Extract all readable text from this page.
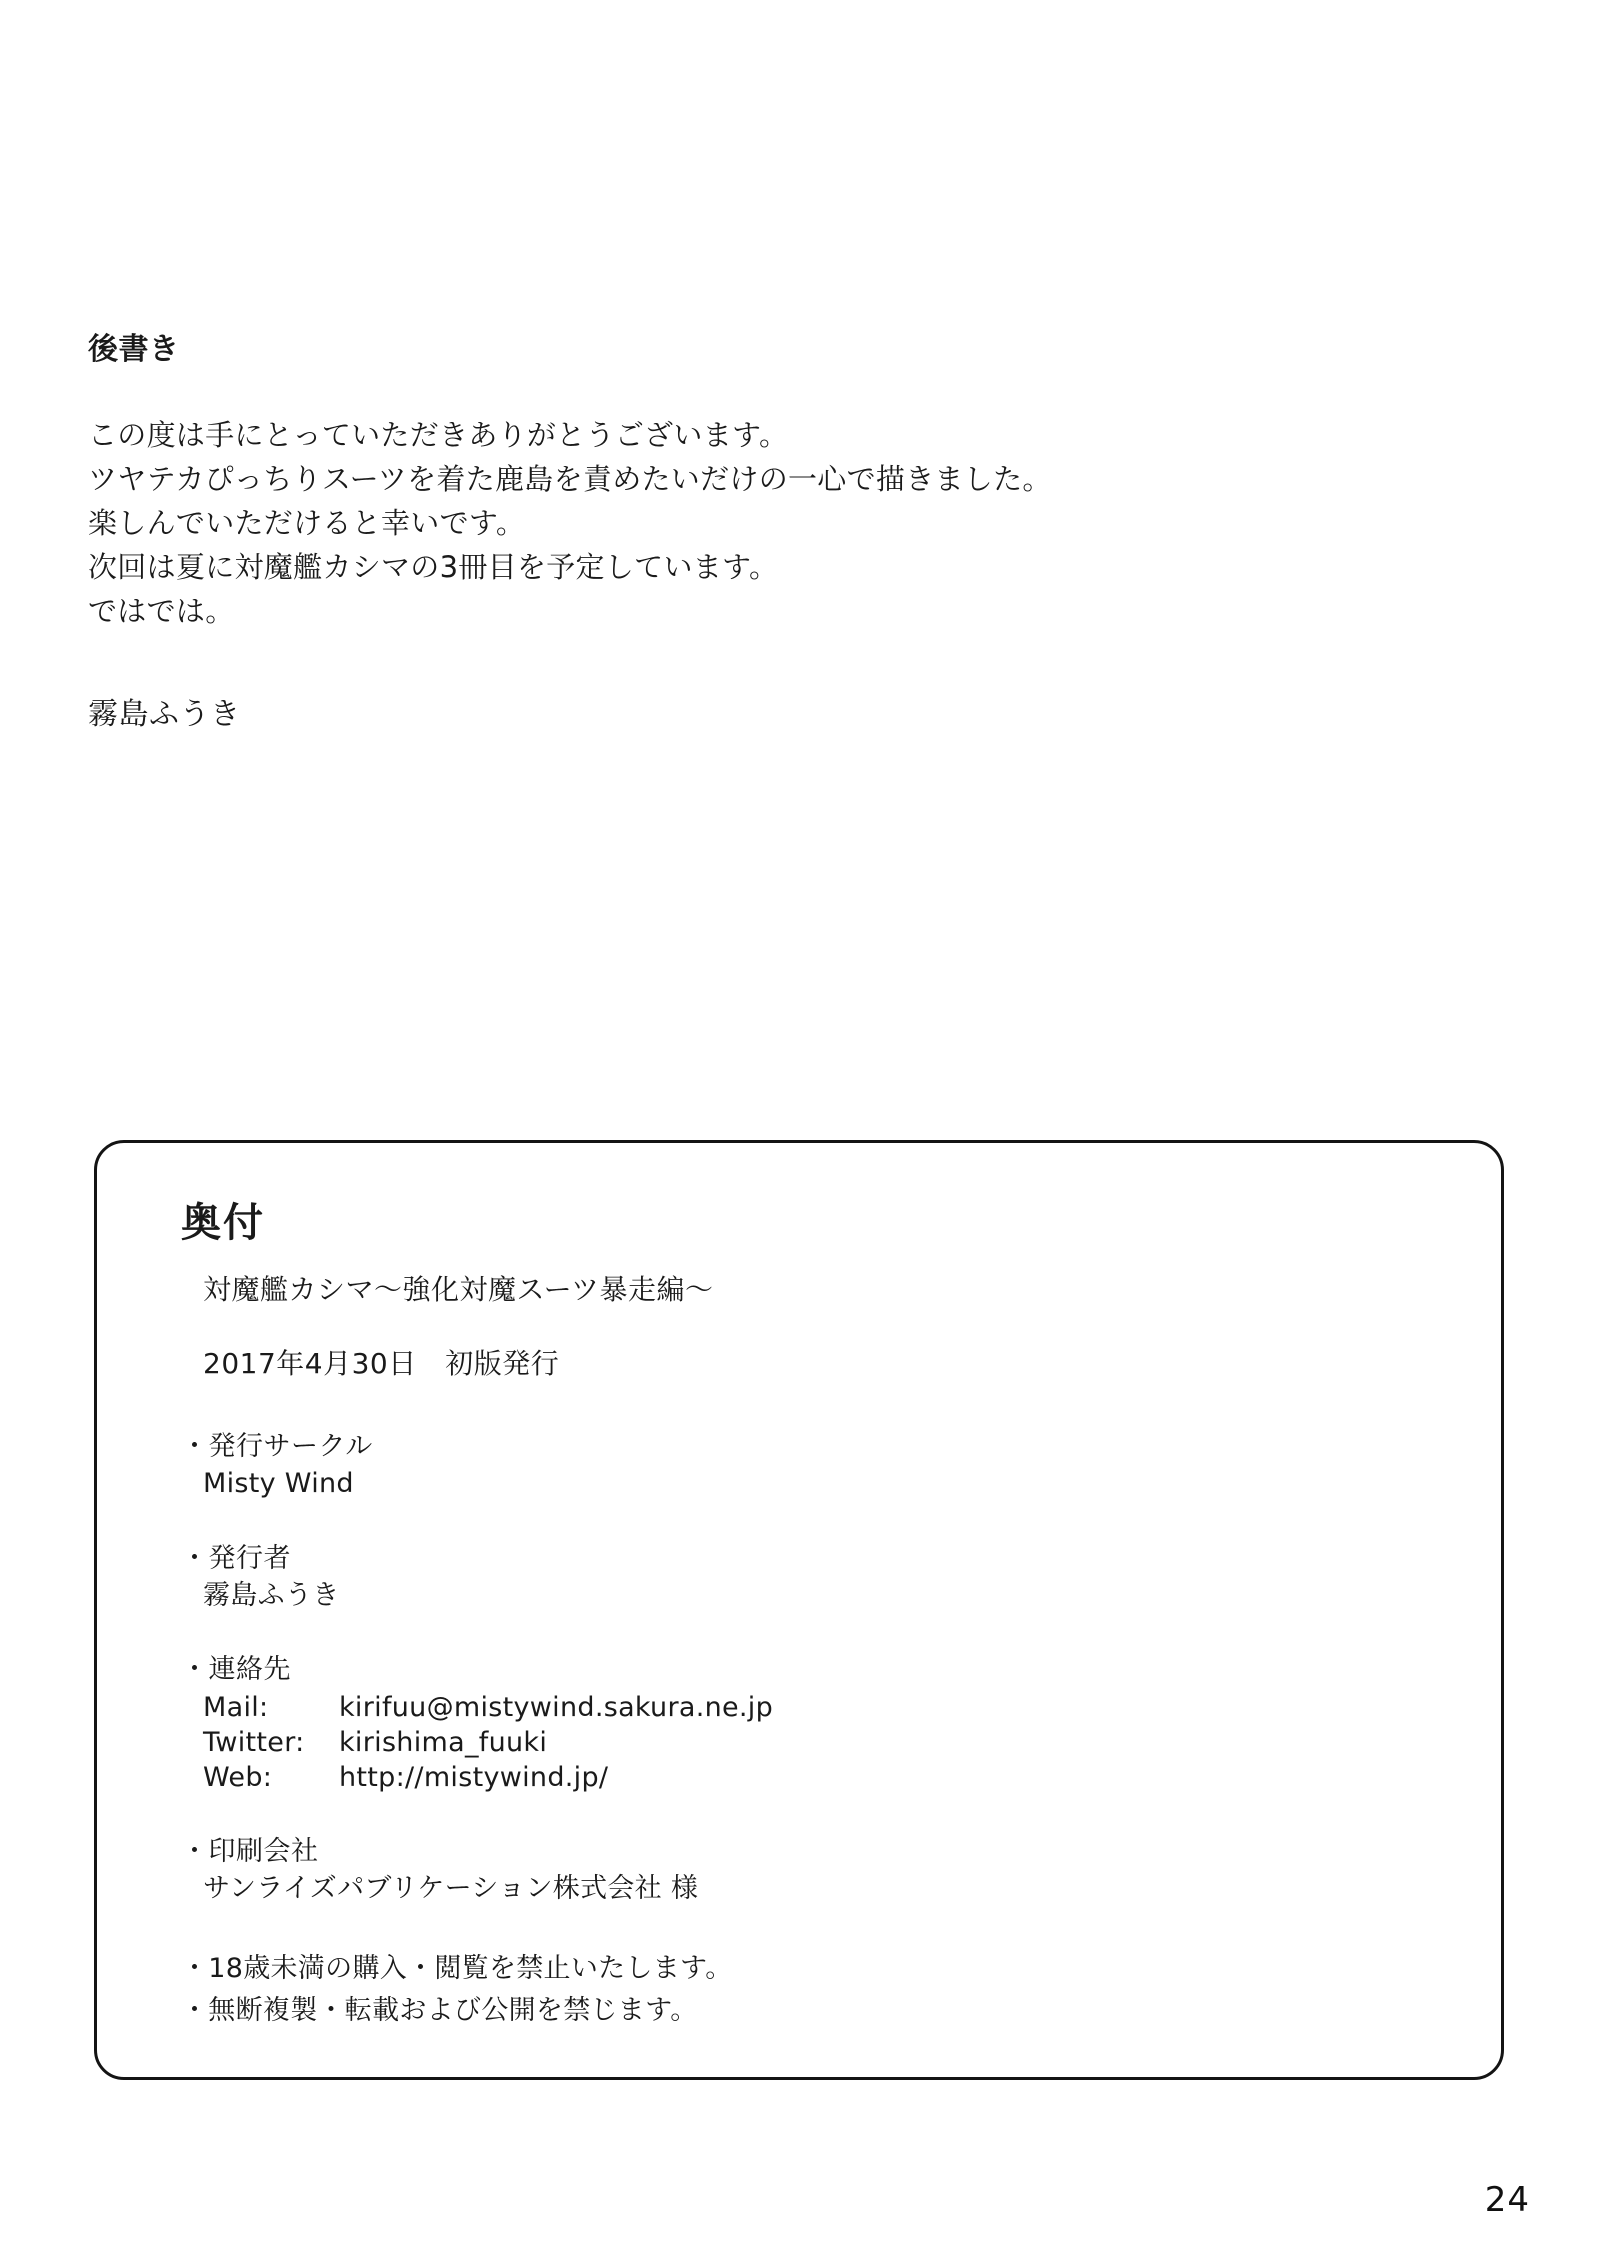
後書き

この度は手にとっていただきありがとうございます。

ツヤテカぴっちりスーツを着た鹿島を責めたいだけの一心で描きました。

楽しんでいただけると幸いです。

次回は夏に対魔艦カシマの3冊目を予定しています。

ではでは。

霧島ふうき
奥付
対魔艦カシマ〜強化対魔スーツ暴走編〜
2017年4月30日　初版発行
・発行サークル
Misty Wind
・発行者
霧島ふうき
・連絡先
Mail:	kirifuu@mistywind.sakura.ne.jp
Twitter:	kirishima_fuuki
Web:	http://mistywind.jp/
・印刷会社
サンライズパブリケーション株式会社 様

・18歳未満の購入・閲覧を禁止いたします。

・無断複製・転載および公開を禁じます。

24
